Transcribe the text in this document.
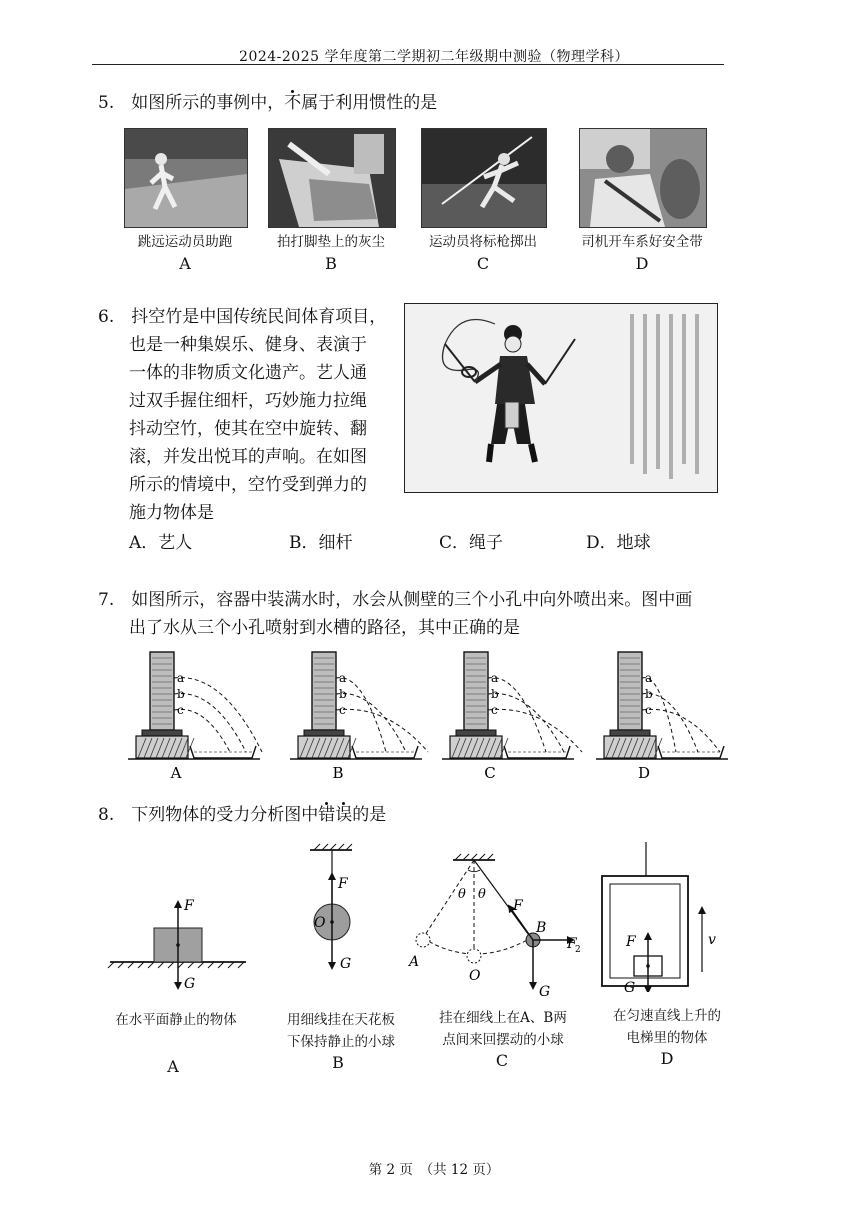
2024-2025 学年度第二学期初二年级期中测验（物理学科）
5.　如图所示的事例中，不属于利用惯性的是
跳远运动员助跑	拍打脚垫上的灰尘	运动员将标枪掷出	司机开车系好安全带
A	B	C	D
6.　抖空竹是中国传统民间体育项目，
也是一种集娱乐、健身、表演于
一体的非物质文化遗产。艺人通
过双手握住细杆，巧妙施力拉绳
抖动空竹，使其在空中旋转、翻
滚，并发出悦耳的声响。在如图
所示的情境中，空竹受到弹力的
施力物体是
A．艺人	B．细杆	C．绳子	D．地球
7.　如图所示，容器中装满水时，水会从侧壁的三个小孔中向外喷出来。图中画
出了水从三个小孔喷射到水槽的路径，其中正确的是
a
b
c
A
a
b
c
B
a
b
c
C
a
b
c
D
8.　下列物体的受力分析图中错误的是
F
G
F
O
G
θ θ
F
F
2
A
O
B
G
F
G
v
在水平面静止的物体	用细线挂在天花板
下保持静止的小球
挂在细线上在A、B两
点间来回摆动的小球
在匀速直线上升的
电梯里的物体
A	B	C	D
第 2 页　（共 12 页）
